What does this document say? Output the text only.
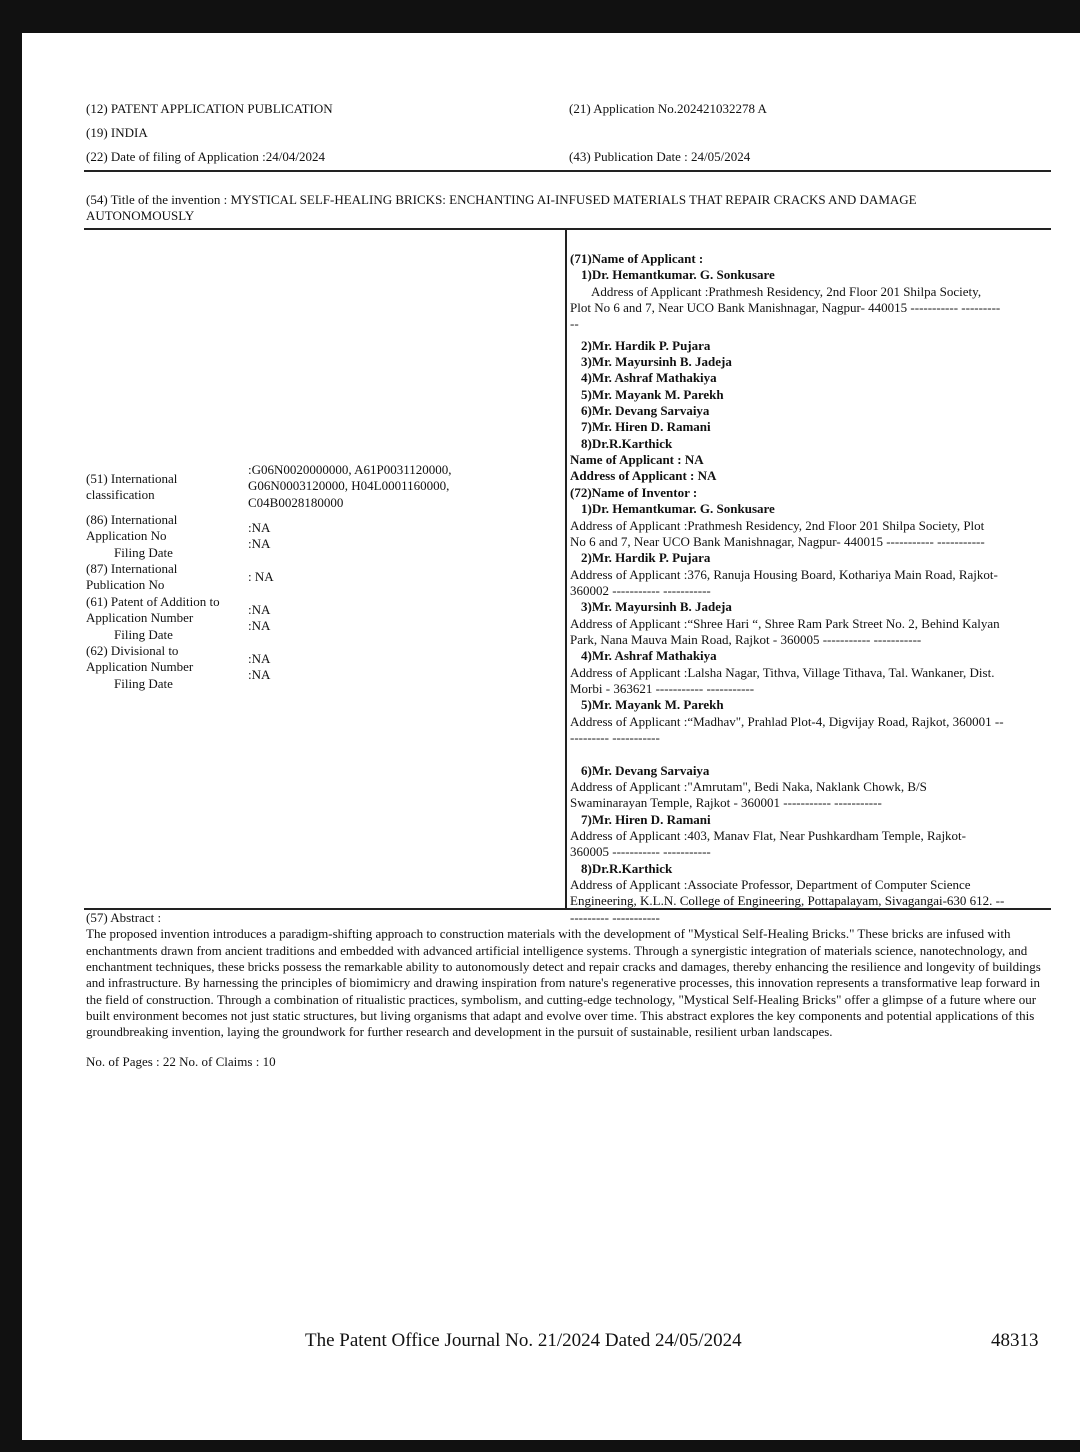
(12) PATENT APPLICATION PUBLICATION
(19) INDIA
(22) Date of filing of Application :24/04/2024
(21) Application No.202421032278 A
(43) Publication Date : 24/05/2024
(54) Title of the invention : MYSTICAL SELF-HEALING BRICKS: ENCHANTING AI-INFUSED MATERIALS THAT REPAIR CRACKS AND DAMAGE
AUTONOMOUSLY
(51) International
classification
:G06N0020000000, A61P0031120000,
G06N0003120000, H04L0001160000,
C04B0028180000
(86) International
Application No
Filing Date
:NA
:NA
(87) International
Publication No
: NA
(61) Patent of Addition to
Application Number
Filing Date
:NA
:NA
(62) Divisional to
Application Number
Filing Date
:NA
:NA
(71)Name of Applicant :
1)Dr. Hemantkumar. G. Sonkusare
Address of Applicant :Prathmesh Residency, 2nd Floor 201 Shilpa Society,
Plot No 6 and 7, Near UCO Bank Manishnagar, Nagpur- 440015 ----------- ---------
--
2)Mr. Hardik P. Pujara
3)Mr. Mayursinh B. Jadeja
4)Mr. Ashraf Mathakiya
5)Mr. Mayank M. Parekh
6)Mr. Devang Sarvaiya
7)Mr. Hiren D. Ramani
8)Dr.R.Karthick
Name of Applicant : NA
Address of Applicant : NA
(72)Name of Inventor :
1)Dr. Hemantkumar. G. Sonkusare
Address of Applicant :Prathmesh Residency, 2nd Floor 201 Shilpa Society, Plot
No 6 and 7, Near UCO Bank Manishnagar, Nagpur- 440015 ----------- -----------
2)Mr. Hardik P. Pujara
Address of Applicant :376, Ranuja Housing Board, Kothariya Main Road, Rajkot-
360002 ----------- -----------
3)Mr. Mayursinh B. Jadeja
Address of Applicant :“Shree Hari “, Shree Ram Park Street No. 2, Behind Kalyan
Park, Nana Mauva Main Road, Rajkot - 360005 ----------- -----------
4)Mr. Ashraf Mathakiya
Address of Applicant :Lalsha Nagar, Tithva, Village Tithava, Tal. Wankaner, Dist.
Morbi - 363621 ----------- -----------
5)Mr. Mayank M. Parekh
Address of Applicant :“Madhav", Prahlad Plot-4, Digvijay Road, Rajkot, 360001 --
--------- -----------

6)Mr. Devang Sarvaiya
Address of Applicant :"Amrutam", Bedi Naka, Naklank Chowk, B/S
Swaminarayan Temple, Rajkot - 360001 ----------- -----------
7)Mr. Hiren D. Ramani
Address of Applicant :403, Manav Flat, Near Pushkardham Temple, Rajkot-
360005 ----------- -----------
8)Dr.R.Karthick
Address of Applicant :Associate Professor, Department of Computer Science
Engineering, K.L.N. College of Engineering, Pottapalayam, Sivagangai-630 612. --
--------- -----------
(57) Abstract :
The proposed invention introduces a paradigm-shifting approach to construction materials with the development of "Mystical Self-Healing Bricks." These bricks are infused with enchantments drawn from ancient traditions and embedded with advanced artificial intelligence systems. Through a synergistic integration of materials science, nanotechnology, and enchantment techniques, these bricks possess the remarkable ability to autonomously detect and repair cracks and damages, thereby enhancing the resilience and longevity of buildings and infrastructure. By harnessing the principles of biomimicry and drawing inspiration from nature's regenerative processes, this innovation represents a transformative leap forward in the field of construction. Through a combination of ritualistic practices, symbolism, and cutting-edge technology, "Mystical Self-Healing Bricks" offer a glimpse of a future where our built environment becomes not just static structures, but living organisms that adapt and evolve over time. This abstract explores the key components and potential applications of this groundbreaking invention, laying the groundwork for further research and development in the pursuit of sustainable, resilient urban landscapes.
No. of Pages : 22 No. of Claims : 10
The Patent Office Journal No. 21/2024 Dated 24/05/2024	48313
